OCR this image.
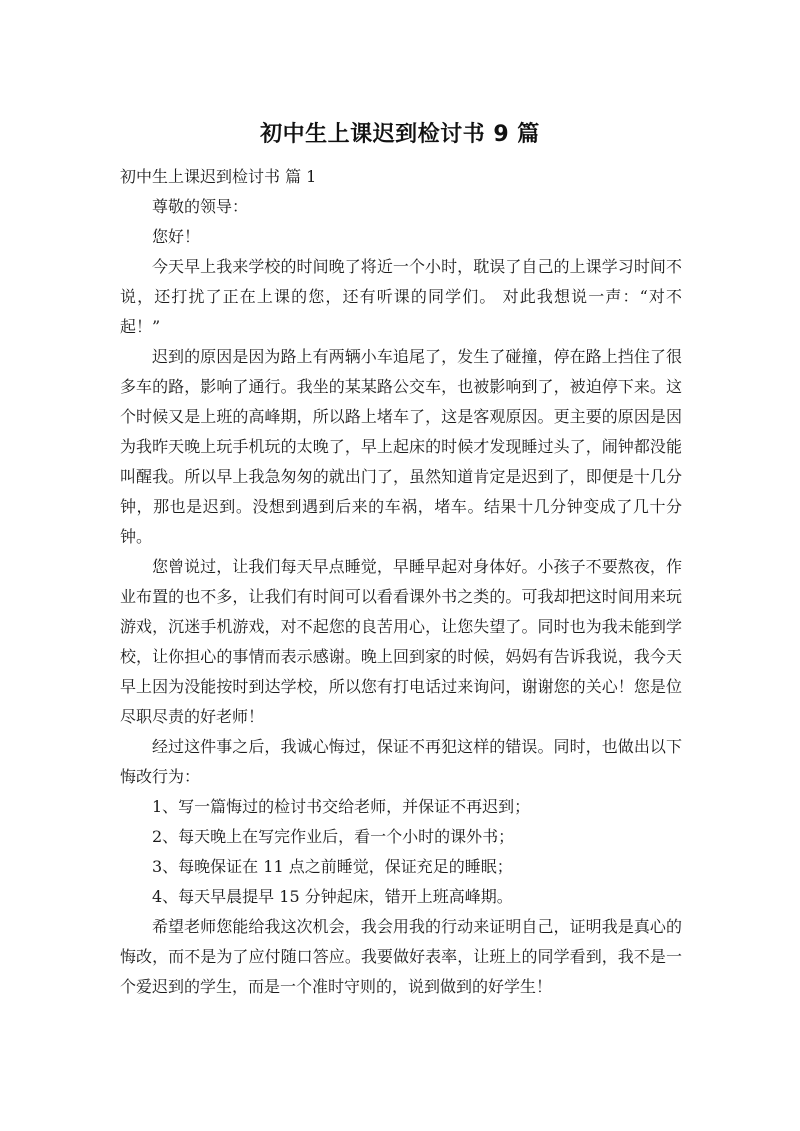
初中生上课迟到检讨书 9 篇

初中生上课迟到检讨书 篇 1

尊敬的领导：

您好！

今天早上我来学校的时间晚了将近一个小时，耽误了自己的上课学习时间不说，还打扰了正在上课的您，还有听课的同学们。 对此我想说一声：“对不起！”

迟到的原因是因为路上有两辆小车追尾了，发生了碰撞，停在路上挡住了很多车的路，影响了通行。我坐的某某路公交车，也被影响到了，被迫停下来。这个时候又是上班的高峰期，所以路上堵车了，这是客观原因。更主要的原因是因为我昨天晚上玩手机玩的太晚了，早上起床的时候才发现睡过头了，闹钟都没能叫醒我。所以早上我急匆匆的就出门了，虽然知道肯定是迟到了，即便是十几分钟，那也是迟到。没想到遇到后来的车祸，堵车。结果十几分钟变成了几十分钟。

您曾说过，让我们每天早点睡觉，早睡早起对身体好。小孩子不要熬夜，作业布置的也不多，让我们有时间可以看看课外书之类的。可我却把这时间用来玩游戏，沉迷手机游戏，对不起您的良苦用心，让您失望了。同时也为我未能到学校，让你担心的事情而表示感谢。晚上回到家的时候，妈妈有告诉我说，我今天早上因为没能按时到达学校，所以您有打电话过来询问，谢谢您的关心！您是位尽职尽责的好老师！

经过这件事之后，我诚心悔过，保证不再犯这样的错误。同时，也做出以下悔改行为：

1、写一篇悔过的检讨书交给老师，并保证不再迟到；

2、每天晚上在写完作业后，看一个小时的课外书；

3、每晚保证在 11 点之前睡觉，保证充足的睡眠；

4、每天早晨提早 15 分钟起床，错开上班高峰期。

希望老师您能给我这次机会，我会用我的行动来证明自己，证明我是真心的悔改，而不是为了应付随口答应。我要做好表率，让班上的同学看到，我不是一个爱迟到的学生，而是一个准时守则的，说到做到的好学生！
